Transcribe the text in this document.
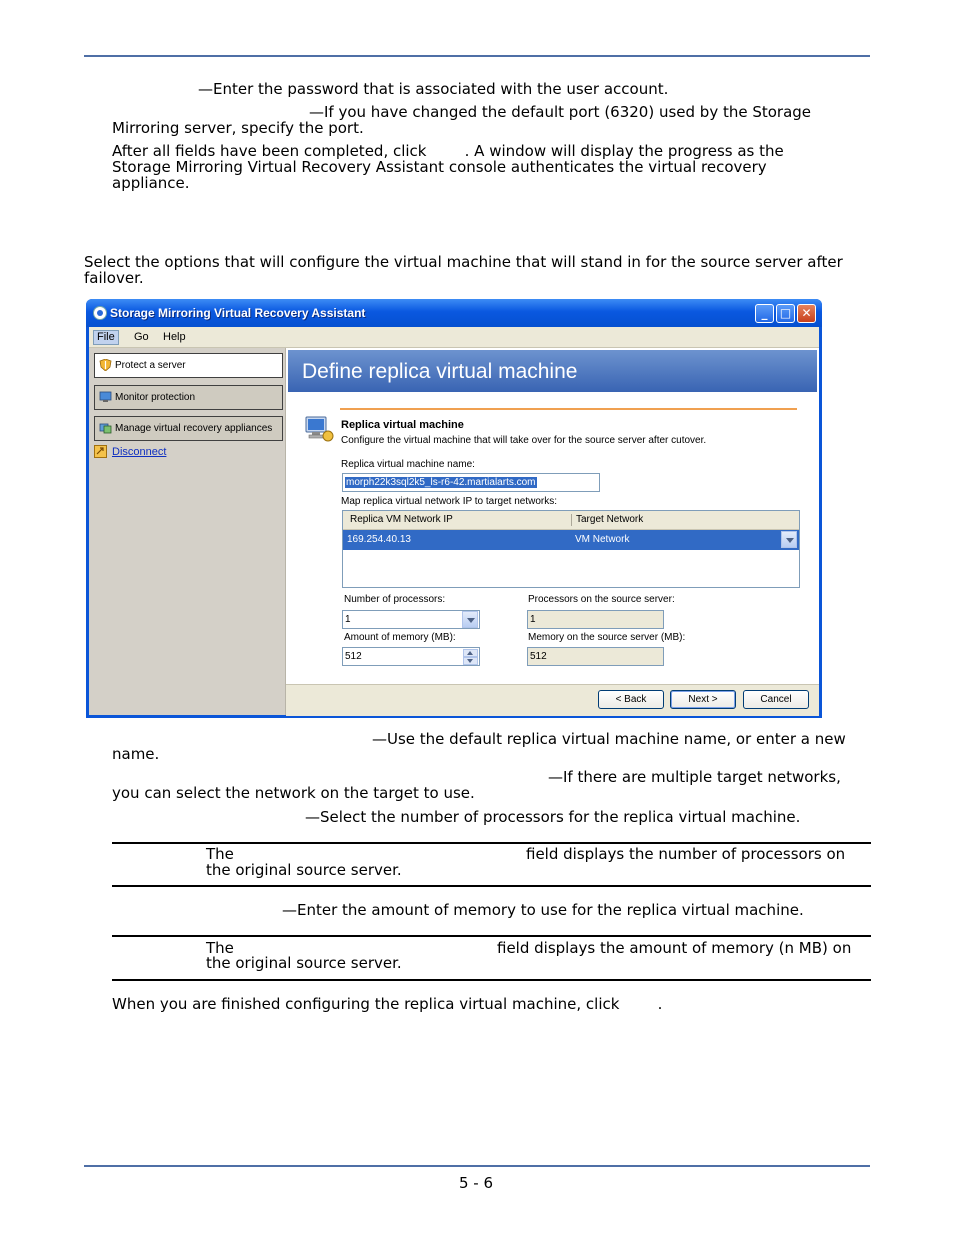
—Enter the password that is associated with the user account.
—If you have changed the default port (6320) used by the Storage
Mirroring server, specify the port.
After all fields have been completed, click        . A window will display the progress as the
Storage Mirroring Virtual Recovery Assistant console authenticates the virtual recovery
appliance.
Select the options that will configure the virtual machine that will stand in for the source server after
failover.
Storage Mirroring Virtual Recovery Assistant	_	□ ✕
File	Go	Help
Protect a server
Monitor protection
Manage virtual recovery appliances
Disconnect
Define replica virtual machine
Replica virtual machine
Configure the virtual machine that will take over for the source server after cutover.
Replica virtual machine name:
morph22k3sql2k5_ls-r6-42.martialarts.com
Map replica virtual network IP to target networks:
Replica VM Network IP	Target Network
169.254.40.13	VM Network
Number of processors:
1
Processors on the source server:
1
Amount of memory (MB):
512
Memory on the source server (MB):
512
< Back	Next >	Cancel
—Use the default replica virtual machine name, or enter a new
name.
—If there are multiple target networks,
you can select the network on the target to use.
—Select the number of processors for the replica virtual machine.
The	field displays the number of processors on
the original source server.
—Enter the amount of memory to use for the replica virtual machine.
The	field displays the amount of memory (n MB) on
the original source server.
When you are finished configuring the replica virtual machine, click        .
5 - 6
